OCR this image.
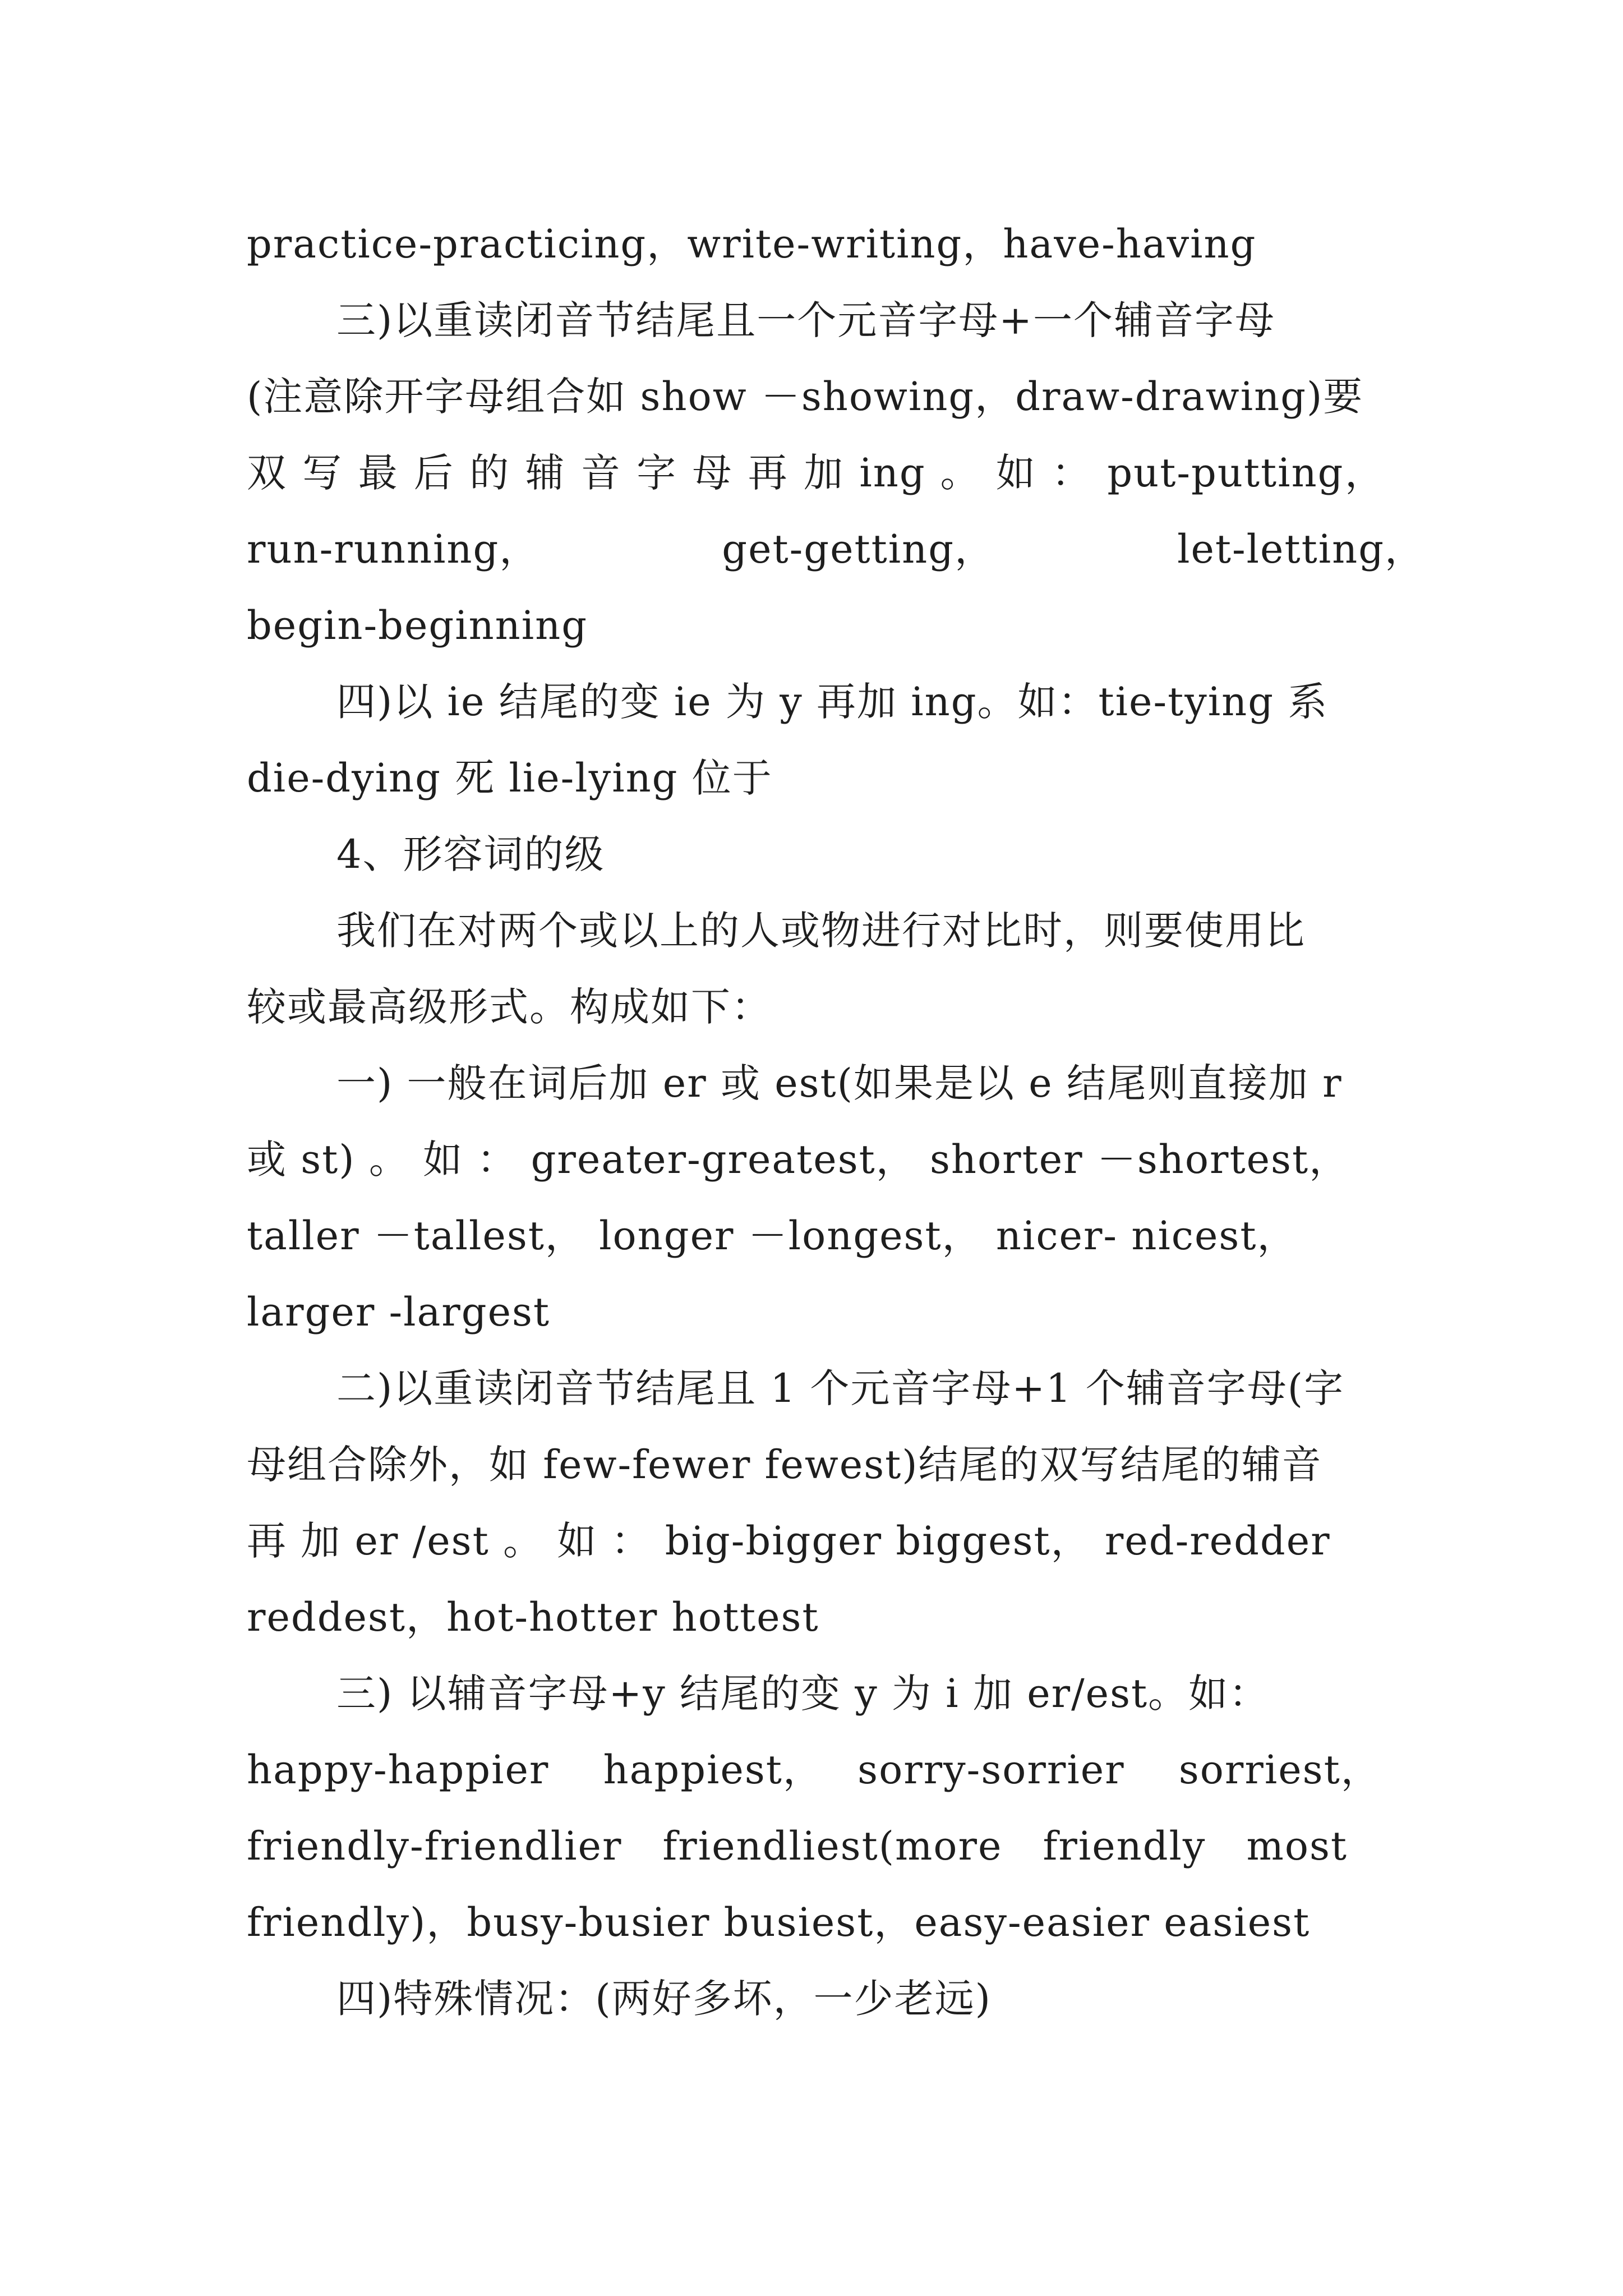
practice-practicing，write-writing，have-having

三)以重读闭音节结尾且一个元音字母+一个辅音字母

(注意除开字母组合如 show －showing，draw-drawing)要

双 写 最 后 的 辅 音 字 母 再 加 ing 。 如 ： put-putting，

run-running，　　　　　get-getting，　　　　　let-letting，

begin-beginning

四)以 ie 结尾的变 ie 为 y 再加 ing。如：tie-tying 系

die-dying 死 lie-lying 位于

4、形容词的级

我们在对两个或以上的人或物进行对比时，则要使用比

较或最高级形式。构成如下：

一) 一般在词后加 er 或 est(如果是以 e 结尾则直接加 r

或 st) 。 如 ： greater-greatest， shorter －shortest，

taller －tallest， longer －longest， nicer- nicest，

larger -largest

二)以重读闭音节结尾且 1 个元音字母+1 个辅音字母(字

母组合除外，如 few-fewer fewest)结尾的双写结尾的辅音

再 加 er /est 。 如 ： big-bigger biggest， red-redder

reddest，hot-hotter hottest

三) 以辅音字母+y 结尾的变 y 为 i 加 er/est。如：

happy-happier　 happiest，　 sorry-sorrier　 sorriest，

friendly-friendlier　friendliest(more　friendly　most

friendly)，busy-busier busiest，easy-easier easiest

四)特殊情况：(两好多坏，一少老远)
